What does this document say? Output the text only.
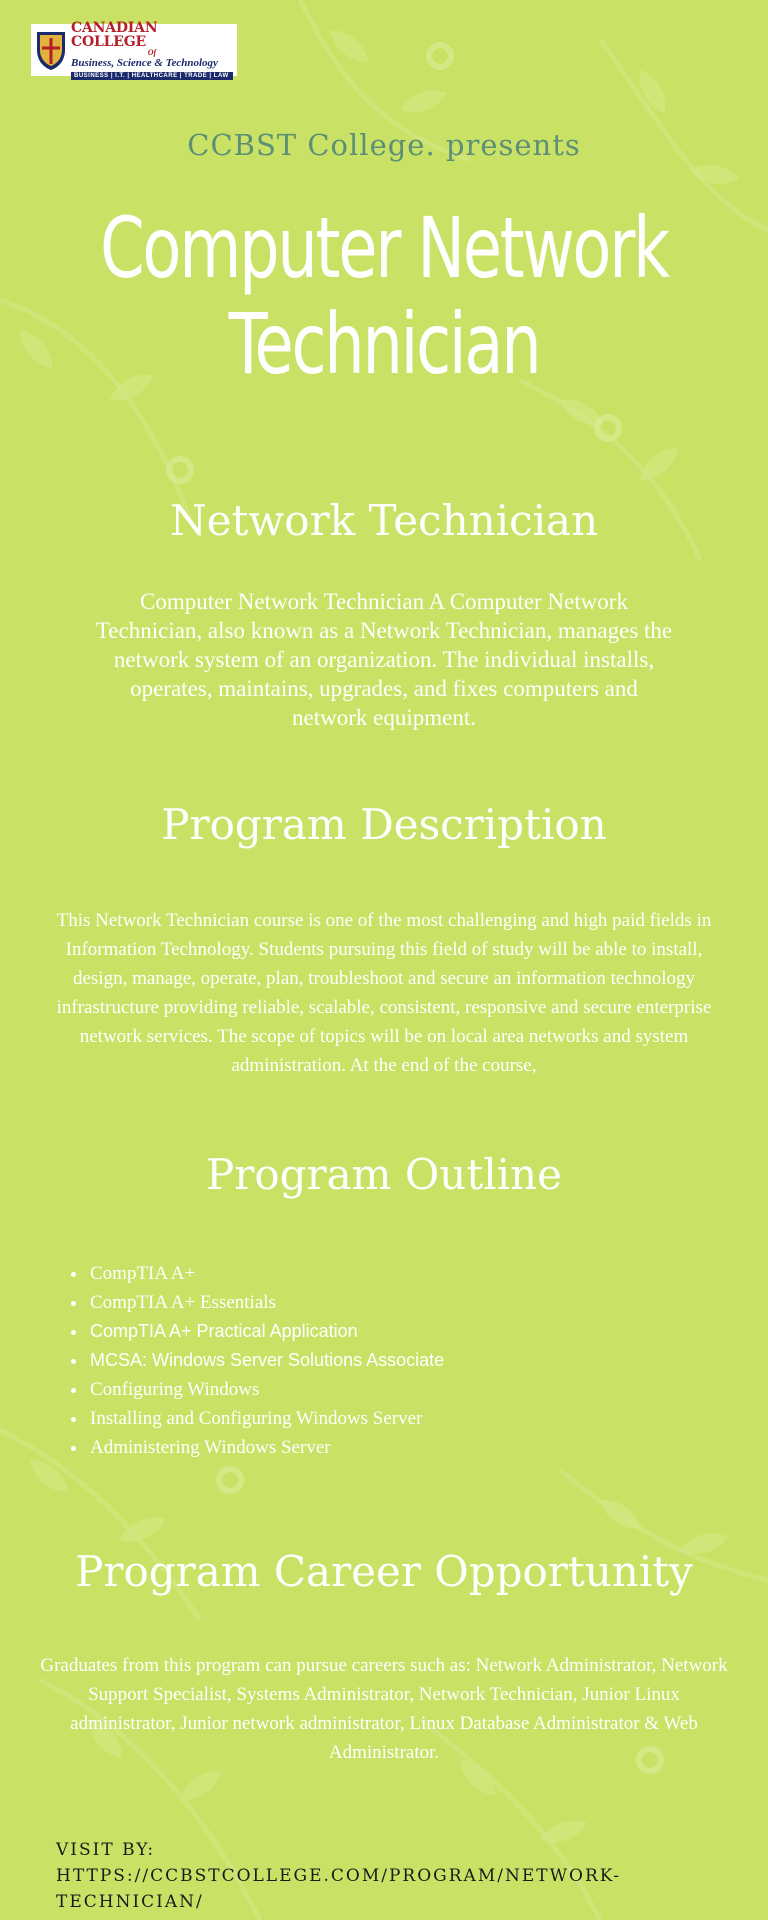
CANADIAN COLLEGE
Of
Business, Science & Technology
BUSINESS | I.T. | HEALTHCARE | TRADE | LAW
CCBST College. presents
Computer Network
Technician
Network Technician
Computer Network Technician A Computer Network Technician, also known as a Network Technician, manages the network system of an organization. The individual installs, operates, maintains, upgrades, and fixes computers and network equipment.
Program Description
This Network Technician course is one of the most challenging and high paid fields in Information Technology. Students pursuing this field of study will be able to install, design, manage, operate, plan, troubleshoot and secure an information technology infrastructure providing reliable, scalable, consistent, responsive and secure enterprise network services. The scope of topics will be on local area networks and system administration. At the end of the course,
Program Outline
• CompTIA A+
• CompTIA A+ Essentials
• CompTIA A+ Practical Application
• MCSA: Windows Server Solutions Associate
• Configuring Windows
• Installing and Configuring Windows Server
• Administering Windows Server
Program Career Opportunity
Graduates from this program can pursue careers such as: Network Administrator, Network Support Specialist, Systems Administrator, Network Technician, Junior Linux administrator, Junior network administrator, Linux Database Administrator & Web Administrator.
VISIT BY: HTTPS://CCBSTCOLLEGE.COM/PROGRAM/NETWORK-TECHNICIAN/
